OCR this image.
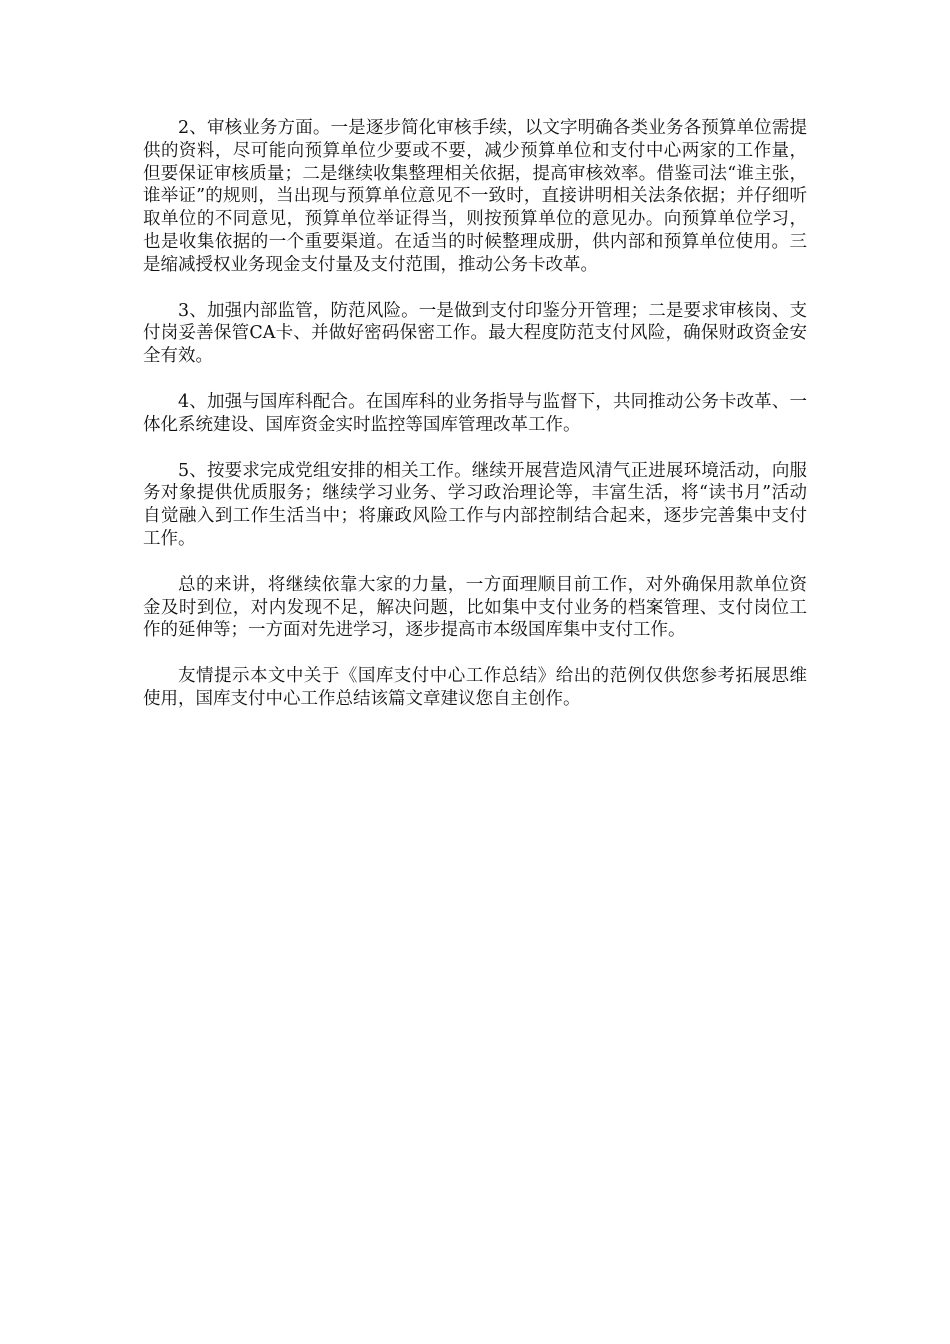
2、审核业务方面。一是逐步简化审核手续，以文字明确各类业务各预算单位需提供的资料，尽可能向预算单位少要或不要，减少预算单位和支付中心两家的工作量，但要保证审核质量；二是继续收集整理相关依据，提高审核效率。借鉴司法“谁主张，谁举证”的规则，当出现与预算单位意见不一致时，直接讲明相关法条依据；并仔细听取单位的不同意见，预算单位举证得当，则按预算单位的意见办。向预算单位学习，也是收集依据的一个重要渠道。在适当的时候整理成册，供内部和预算单位使用。三是缩减授权业务现金支付量及支付范围，推动公务卡改革。

3、加强内部监管，防范风险。一是做到支付印鉴分开管理；二是要求审核岗、支付岗妥善保管CA卡、并做好密码保密工作。最大程度防范支付风险，确保财政资金安全有效。

4、加强与国库科配合。在国库科的业务指导与监督下，共同推动公务卡改革、一体化系统建设、国库资金实时监控等国库管理改革工作。

5、按要求完成党组安排的相关工作。继续开展营造风清气正进展环境活动，向服务对象提供优质服务；继续学习业务、学习政治理论等，丰富生活，将“读书月”活动自觉融入到工作生活当中；将廉政风险工作与内部控制结合起来，逐步完善集中支付工作。

总的来讲，将继续依靠大家的力量，一方面理顺目前工作，对外确保用款单位资金及时到位，对内发现不足，解决问题，比如集中支付业务的档案管理、支付岗位工作的延伸等；一方面对先进学习，逐步提高市本级国库集中支付工作。

友情提示本文中关于《国库支付中心工作总结》给出的范例仅供您参考拓展思维使用，国库支付中心工作总结该篇文章建议您自主创作。
